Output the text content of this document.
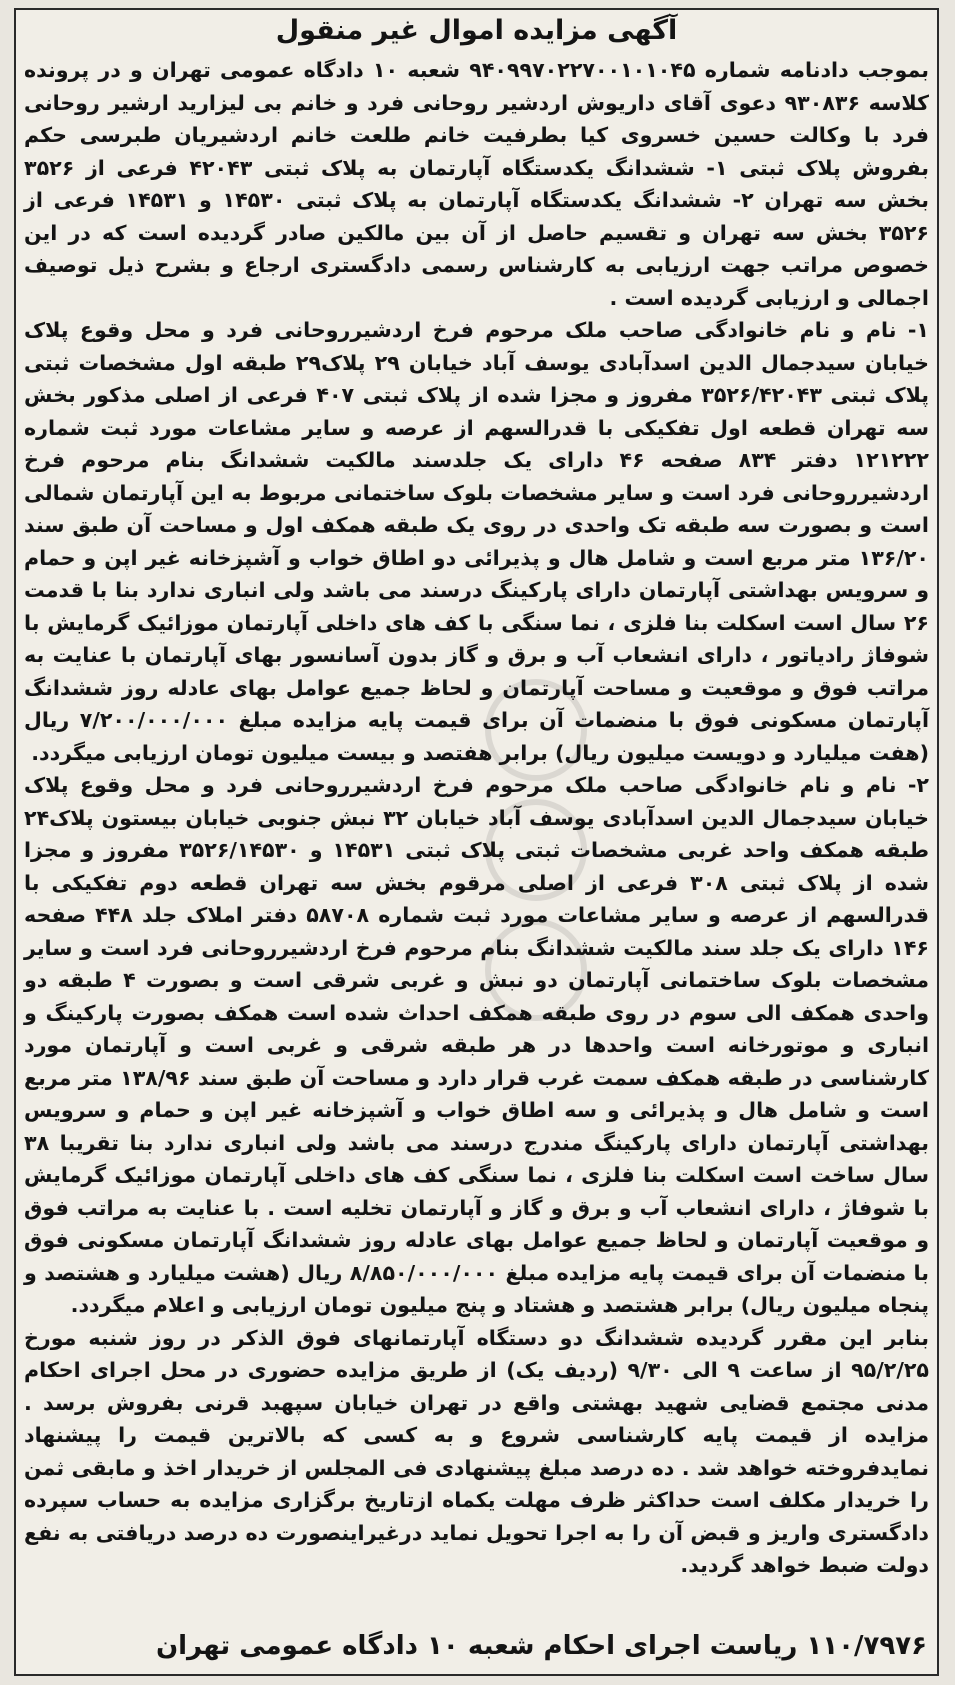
آگهی مزایده اموال غیر منقول

بموجب دادنامه شماره ۹۴۰۹۹۷۰۲۲۷۰۰۱۰۱۰۴۵ شعبه ۱۰ دادگاه عمومی تهران و در پرونده کلاسه ۹۳۰۸۳۶ دعوی آقای داریوش اردشیر روحانی فرد و خانم بی لیزارید ارشیر روحانی فرد با وکالت حسین خسروی کیا بطرفیت خانم طلعت خانم اردشیریان طبرسی حکم بفروش پلاک ثبتی ۱- ششدانگ یکدستگاه آپارتمان به پلاک ثبتی ۴۲۰۴۳ فرعی از ۳۵۲۶ بخش سه تهران ۲- ششدانگ یکدستگاه آپارتمان به پلاک ثبتی ۱۴۵۳۰ و ۱۴۵۳۱ فرعی از ۳۵۲۶ بخش سه تهران و تقسیم حاصل از آن بین مالکین صادر گردیده است که در این خصوص مراتب جهت ارزیابی به کارشناس رسمی دادگستری ارجاع و بشرح ذیل توصیف اجمالی و ارزیابی گردیده است .

۱- نام و نام خانوادگی صاحب ملک مرحوم فرخ اردشیرروحانی فرد و محل وقوع پلاک خیابان سیدجمال الدین اسدآبادی یوسف آباد خیابان ۲۹ پلاک۲۹ طبقه اول مشخصات ثبتی پلاک ثبتی ۳۵۲۶/۴۲۰۴۳ مفروز و مجزا شده از پلاک ثبتی ۴۰۷ فرعی از اصلی مذکور بخش سه تهران قطعه اول تفکیکی با قدرالسهم از عرصه و سایر مشاعات مورد ثبت شماره ۱۲۱۲۲۲ دفتر ۸۳۴ صفحه ۴۶ دارای یک جلدسند مالکیت ششدانگ بنام مرحوم فرخ اردشیرروحانی فرد است و سایر مشخصات بلوک ساختمانی مربوط به این آپارتمان شمالی است و بصورت سه طبقه تک واحدی در روی یک طبقه همکف اول و مساحت آن طبق سند ۱۳۶/۲۰ متر مربع است و شامل هال و پذیرائی دو اطاق خواب و آشپزخانه غیر اپن و حمام و سرویس بهداشتی آپارتمان دارای پارکینگ درسند می باشد ولی انباری ندارد بنا با قدمت ۲۶ سال است اسکلت بنا فلزی ، نما سنگی با کف های داخلی آپارتمان موزائیک گرمایش با شوفاژ رادیاتور ، دارای انشعاب آب و برق و گاز بدون آسانسور بهای آپارتمان با عنایت به مراتب فوق و موقعیت و مساحت آپارتمان و لحاظ جمیع عوامل بهای عادله روز ششدانگ آپارتمان مسکونی فوق با منضمات آن برای قیمت پایه مزایده مبلغ ۷/۲۰۰/۰۰۰/۰۰۰ ریال (هفت میلیارد و دویست میلیون ریال) برابر هفتصد و بیست میلیون تومان ارزیابی میگردد.

۲- نام و نام خانوادگی صاحب ملک مرحوم فرخ اردشیرروحانی فرد و محل وقوع پلاک خیابان سیدجمال الدین اسدآبادی یوسف آباد خیابان ۳۲ نبش جنوبی خیابان بیستون پلاک۲۴ طبقه همکف واحد غربی مشخصات ثبتی پلاک ثبتی ۱۴۵۳۱ و ۳۵۲۶/۱۴۵۳۰ مفروز و مجزا شده از پلاک ثبتی ۳۰۸ فرعی از اصلی مرقوم بخش سه تهران قطعه دوم تفکیکی با قدرالسهم از عرصه و سایر مشاعات مورد ثبت شماره ۵۸۷۰۸ دفتر املاک جلد ۴۴۸ صفحه ۱۴۶ دارای یک جلد سند مالکیت ششدانگ بنام مرحوم فرخ اردشیرروحانی فرد است و سایر مشخصات بلوک ساختمانی آپارتمان دو نبش و غربی شرقی است و بصورت ۴ طبقه دو واحدی همکف الی سوم در روی طبقه همکف احداث شده است همکف بصورت پارکینگ و انباری و موتورخانه است واحدها در هر طبقه شرقی و غربی است و آپارتمان مورد کارشناسی در طبقه همکف سمت غرب قرار دارد و مساحت آن طبق سند ۱۳۸/۹۶ متر مربع است و شامل هال و پذیرائی و سه اطاق خواب و آشپزخانه غیر اپن و حمام و سرویس بهداشتی آپارتمان دارای پارکینگ مندرج درسند می باشد ولی انباری ندارد بنا تقریبا ۳۸ سال ساخت است اسکلت بنا فلزی ، نما سنگی کف های داخلی آپارتمان موزائیک گرمایش با شوفاژ ، دارای انشعاب آب و برق و گاز و آپارتمان تخلیه است . با عنایت به مراتب فوق و موقعیت آپارتمان و لحاظ جمیع عوامل بهای عادله روز ششدانگ آپارتمان مسکونی فوق با منضمات آن برای قیمت پایه مزایده مبلغ ۸/۸۵۰/۰۰۰/۰۰۰ ریال (هشت میلیارد و هشتصد و پنجاه میلیون ریال) برابر هشتصد و هشتاد و پنج میلیون تومان ارزیابی و اعلام میگردد.

بنابر این مقرر گردیده ششدانگ دو دستگاه آپارتمانهای فوق الذکر در روز شنبه مورخ ۹۵/۲/۲۵ از ساعت ۹ الی ۹/۳۰ (ردیف یک) از طریق مزایده حضوری در محل اجرای احکام مدنی مجتمع قضایی شهید بهشتی واقع در تهران خیابان سپهبد قرنی بفروش برسد . مزایده از قیمت پایه کارشناسی شروع و به کسی که بالاترین قیمت را پیشنهاد نمایدفروخته خواهد شد . ده درصد مبلغ پیشنهادی فی المجلس از خریدار اخذ و مابقی ثمن را خریدار مکلف است حداکثر ظرف مهلت یکماه ازتاریخ برگزاری مزایده به حساب سپرده دادگستری واریز و قبض آن را به اجرا تحویل نماید درغیراینصورت ده درصد دریافتی به نفع دولت ضبط خواهد گردید.

۱۱۰/۷۹۷۶ ریاست اجرای احکام شعبه ۱۰ دادگاه عمومی تهران
